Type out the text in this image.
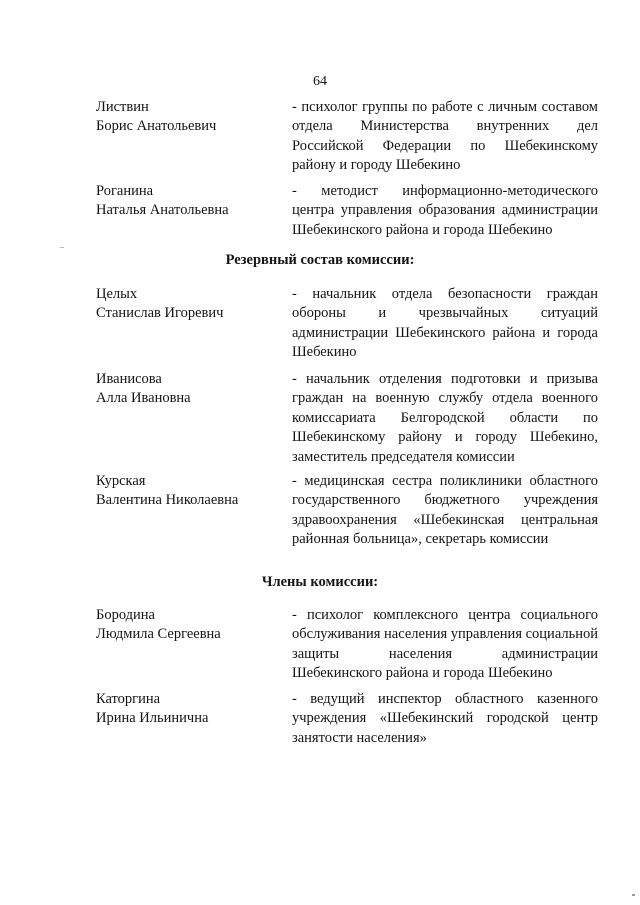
64
Листвин
Борис Анатольевич
- психолог группы по работе с личным составом отдела Министерства внутренних дел Российской Федерации по Шебекинскому району и городу Шебекино
Роганина
Наталья Анатольевна
- методист информационно-методического центра управления образования администрации Шебекинского района и города Шебекино
Резервный состав комиссии:
Целых
Станислав Игоревич
- начальник отдела безопасности граждан обороны и чрезвычайных ситуаций администрации Шебекинского района и города Шебекино
Иванисова
Алла Ивановна
- начальник отделения подготовки и призыва граждан на военную службу отдела военного комиссариата Белгородской области по Шебекинскому району и городу Шебекино, заместитель председателя комиссии
Курская
Валентина Николаевна
- медицинская сестра поликлиники областного государственного бюджетного учреждения здравоохранения «Шебекинская центральная районная больница», секретарь комиссии
Члены комиссии:
Бородина
Людмила Сергеевна
- психолог комплексного центра социального обслуживания населения управления социальной защиты населения администрации Шебекинского района и города Шебекино
Каторгина
Ирина Ильинична
- ведущий инспектор областного казенного учреждения «Шебекинский городской центр занятости населения»
